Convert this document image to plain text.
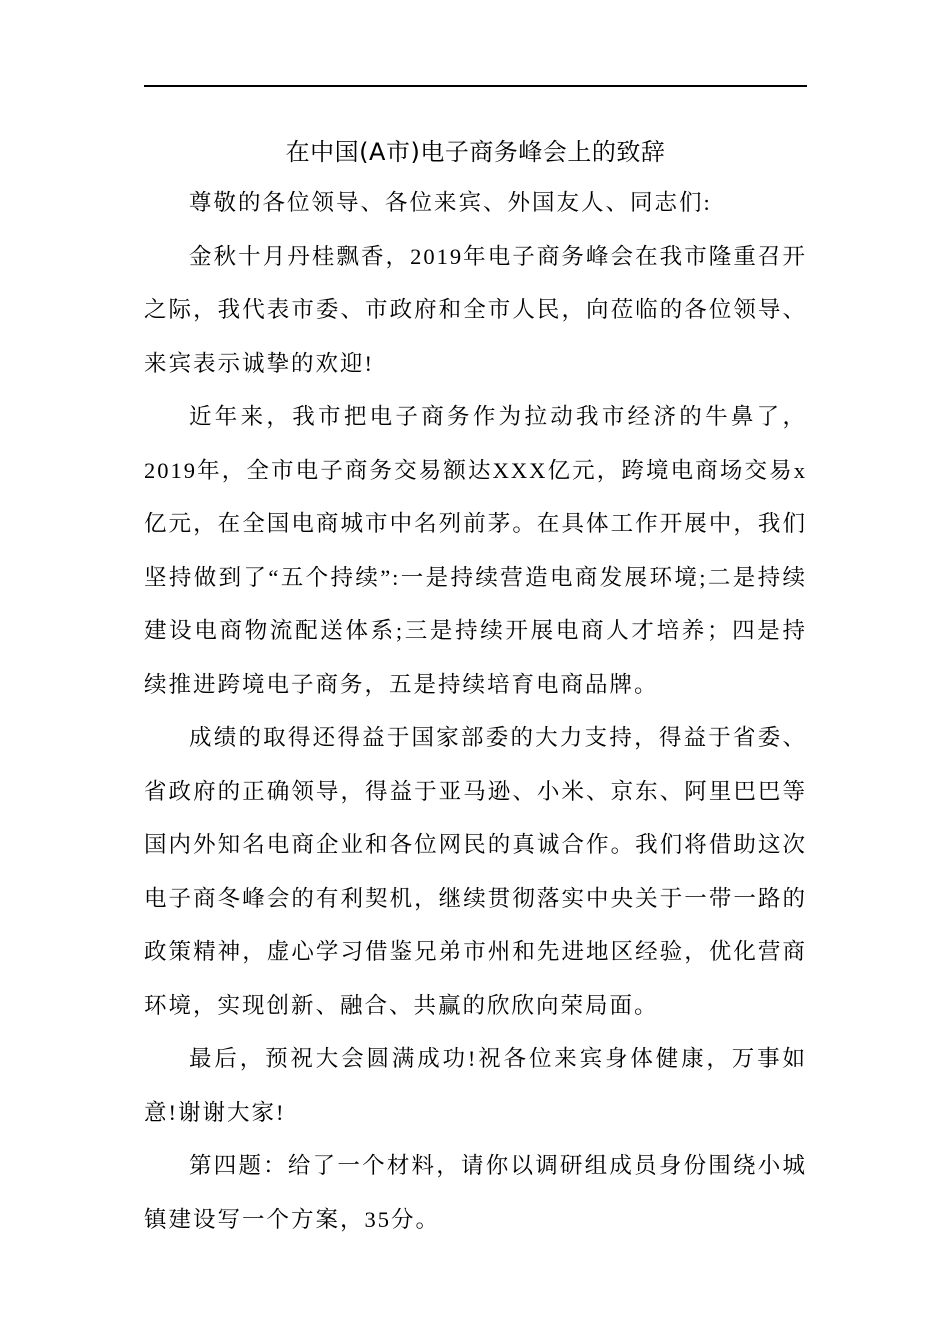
在中国(A市)电子商务峰会上的致辞

尊敬的各位领导、各位来宾、外国友人、同志们:

金秋十月丹桂飘香，2019年电子商务峰会在我市隆重召开之际，我代表市委、市政府和全市人民，向莅临的各位领导、来宾表示诚挚的欢迎!

近年来，我市把电子商务作为拉动我市经济的牛鼻了，2019年，全市电子商务交易额达XXX亿元，跨境电商场交易x亿元，在全国电商城市中名列前茅。在具体工作开展中，我们坚持做到了“五个持续”:一是持续营造电商发展环境;二是持续建设电商物流配送体系;三是持续开展电商人才培养；四是持续推进跨境电子商务，五是持续培育电商品牌。

成绩的取得还得益于国家部委的大力支持，得益于省委、省政府的正确领导，得益于亚马逊、小米、京东、阿里巴巴等国内外知名电商企业和各位网民的真诚合作。我们将借助这次电子商冬峰会的有利契机，继续贯彻落实中央关于一带一路的政策精神，虚心学习借鉴兄弟市州和先进地区经验，优化营商环境，实现创新、融合、共赢的欣欣向荣局面。

最后，预祝大会圆满成功!祝各位来宾身体健康，万事如意!谢谢大家!

第四题：给了一个材料，请你以调研组成员身份围绕小城镇建设写一个方案，35分。
